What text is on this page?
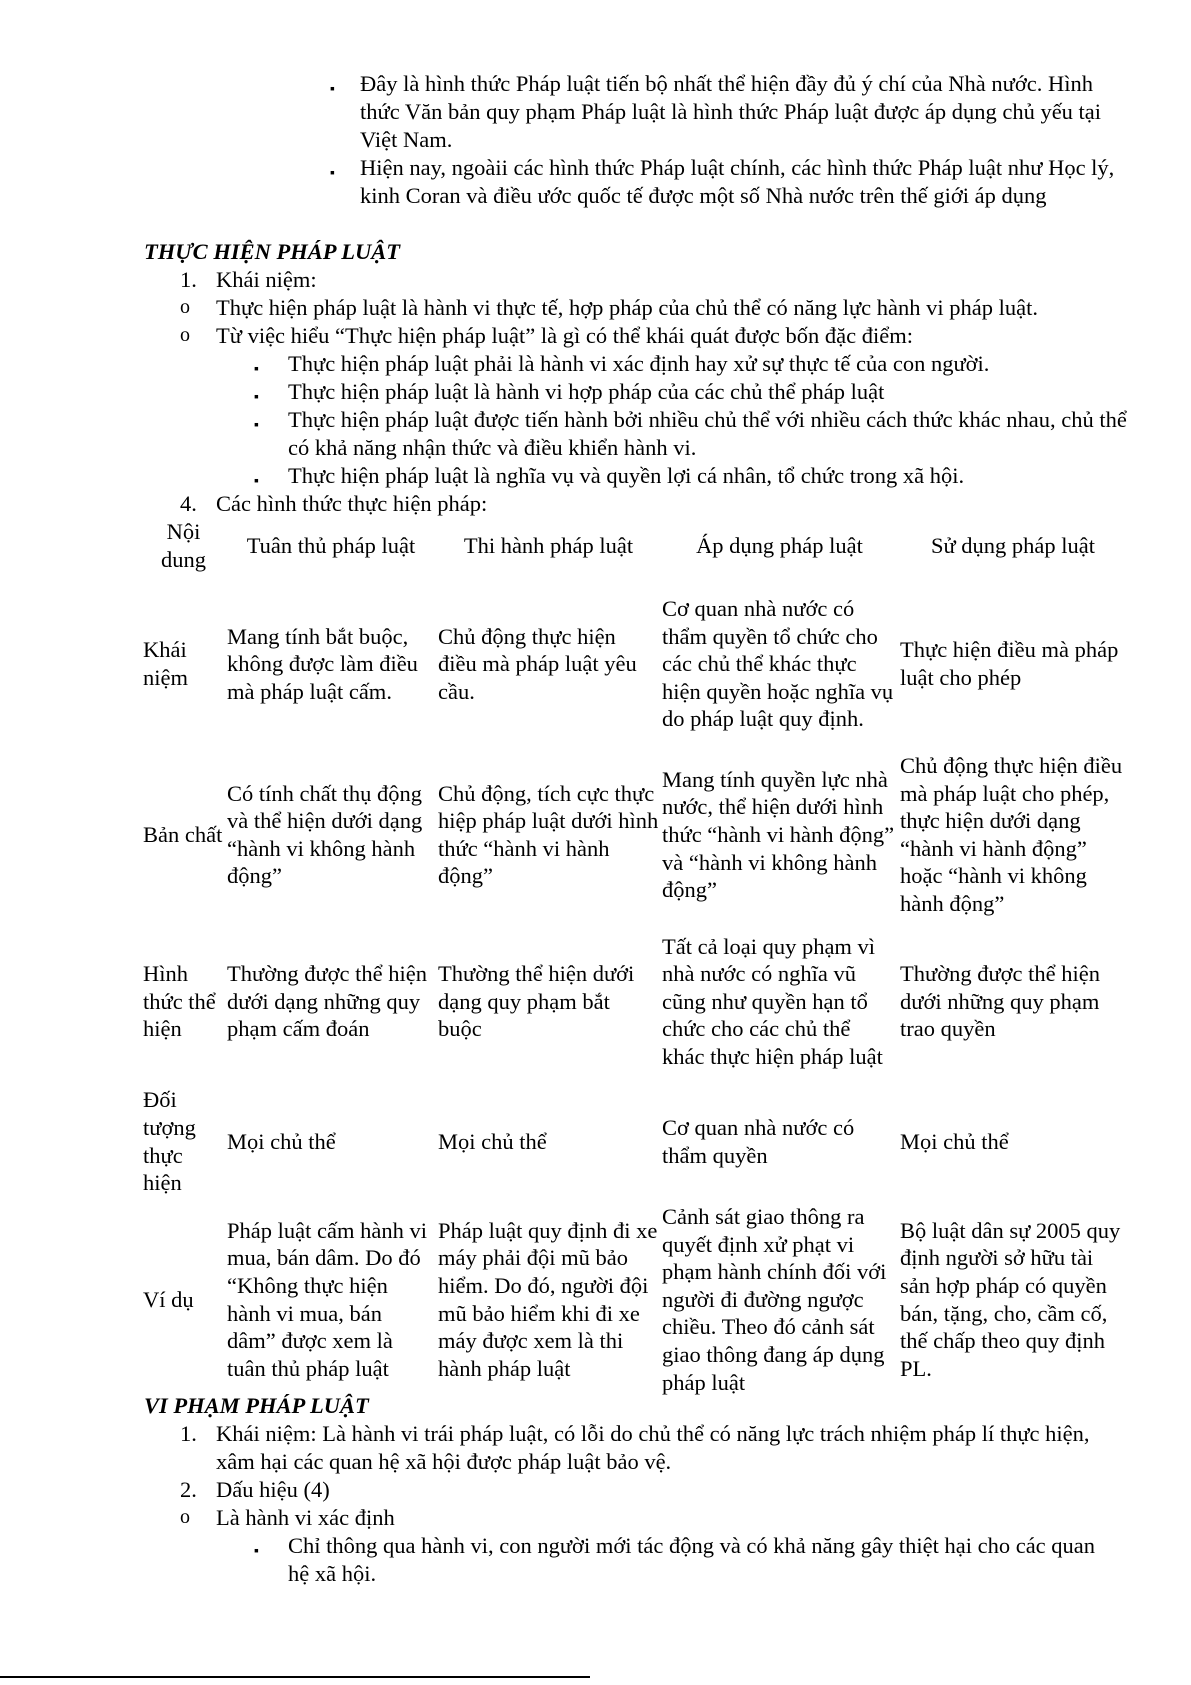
▪ Đây là hình thức Pháp luật tiến bộ nhất thể hiện đầy đủ ý chí của Nhà nước. Hình thức Văn bản quy phạm Pháp luật là hình thức Pháp luật được áp dụng chủ yếu tại Việt Nam.
▪ Hiện nay, ngoàii các hình thức Pháp luật chính, các hình thức Pháp luật như Học lý, kinh Coran và điều ước quốc tế được một số Nhà nước trên thế giới áp dụng
THỰC HIỆN PHÁP LUẬT
1. Khái niệm:
o Thực hiện pháp luật là hành vi thực tế, hợp pháp của chủ thể có năng lực hành vi pháp luật.
o Từ việc hiểu “Thực hiện pháp luật” là gì có thể khái quát được bốn đặc điểm:
▪ Thực hiện pháp luật phải là hành vi xác định hay xử sự thực tế của con người.
▪ Thực hiện pháp luật là hành vi hợp pháp của các chủ thể pháp luật
▪ Thực hiện pháp luật được tiến hành bởi nhiều chủ thể với nhiều cách thức khác nhau, chủ thể có khả năng nhận thức và điều khiển hành vi.
▪ Thực hiện pháp luật là nghĩa vụ và quyền lợi cá nhân, tổ chức trong xã hội.
4. Các hình thức thực hiện pháp:
Nội dung	Tuân thủ pháp luật	Thi hành pháp luật	Áp dụng pháp luật	Sử dụng pháp luật
Khái niệm	Mang tính bắt buộc, không được làm điều mà pháp luật cấm.	Chủ động thực hiện điều mà pháp luật yêu cầu.	Cơ quan nhà nước có thẩm quyền tổ chức cho các chủ thể khác thực hiện quyền hoặc nghĩa vụ do pháp luật quy định.	Thực hiện điều mà pháp luật cho phép
Bản chất	Có tính chất thụ động và thể hiện dưới dạng “hành vi không hành động”	Chủ động, tích cực thực hiệp pháp luật dưới hình thức “hành vi hành động”	Mang tính quyền lực nhà nước, thể hiện dưới hình thức “hành vi hành động” và “hành vi không hành động”	Chủ động thực hiện điều mà pháp luật cho phép, thực hiện dưới dạng “hành vi hành động” hoặc “hành vi không hành động”
Hình thức thể hiện	Thường được thể hiện dưới dạng những quy phạm cấm đoán	Thường thể hiện dưới dạng quy phạm bắt buộc	Tất cả loại quy phạm vì nhà nước có nghĩa vũ cũng như quyền hạn tổ chức cho các chủ thể khác thực hiện pháp luật	Thường được thể hiện dưới những quy phạm trao quyền
Đối tượng thực hiện	Mọi chủ thể	Mọi chủ thể	Cơ quan nhà nước có thẩm quyền	Mọi chủ thể
Ví dụ	Pháp luật cấm hành vi mua, bán dâm. Do đó “Không thực hiện hành vi mua, bán dâm” được xem là tuân thủ pháp luật	Pháp luật quy định đi xe máy phải đội mũ bảo hiểm. Do đó, người đội mũ bảo hiểm khi đi xe máy được xem là thi hành pháp luật	Cảnh sát giao thông ra quyết định xử phạt vi phạm hành chính đối với người đi đường ngược chiều. Theo đó cảnh sát giao thông đang áp dụng pháp luật	Bộ luật dân sự 2005 quy định người sở hữu tài sản hợp pháp có quyền bán, tặng, cho, cầm cố, thế chấp theo quy định PL.
VI PHẠM PHÁP LUẬT
1. Khái niệm: Là hành vi trái pháp luật, có lỗi do chủ thể có năng lực trách nhiệm pháp lí thực hiện, xâm hại các quan hệ xã hội được pháp luật bảo vệ.
2. Dấu hiệu (4)
o Là hành vi xác định
▪ Chỉ thông qua hành vi, con người mới tác động và có khả năng gây thiệt hại cho các quan hệ xã hội.
